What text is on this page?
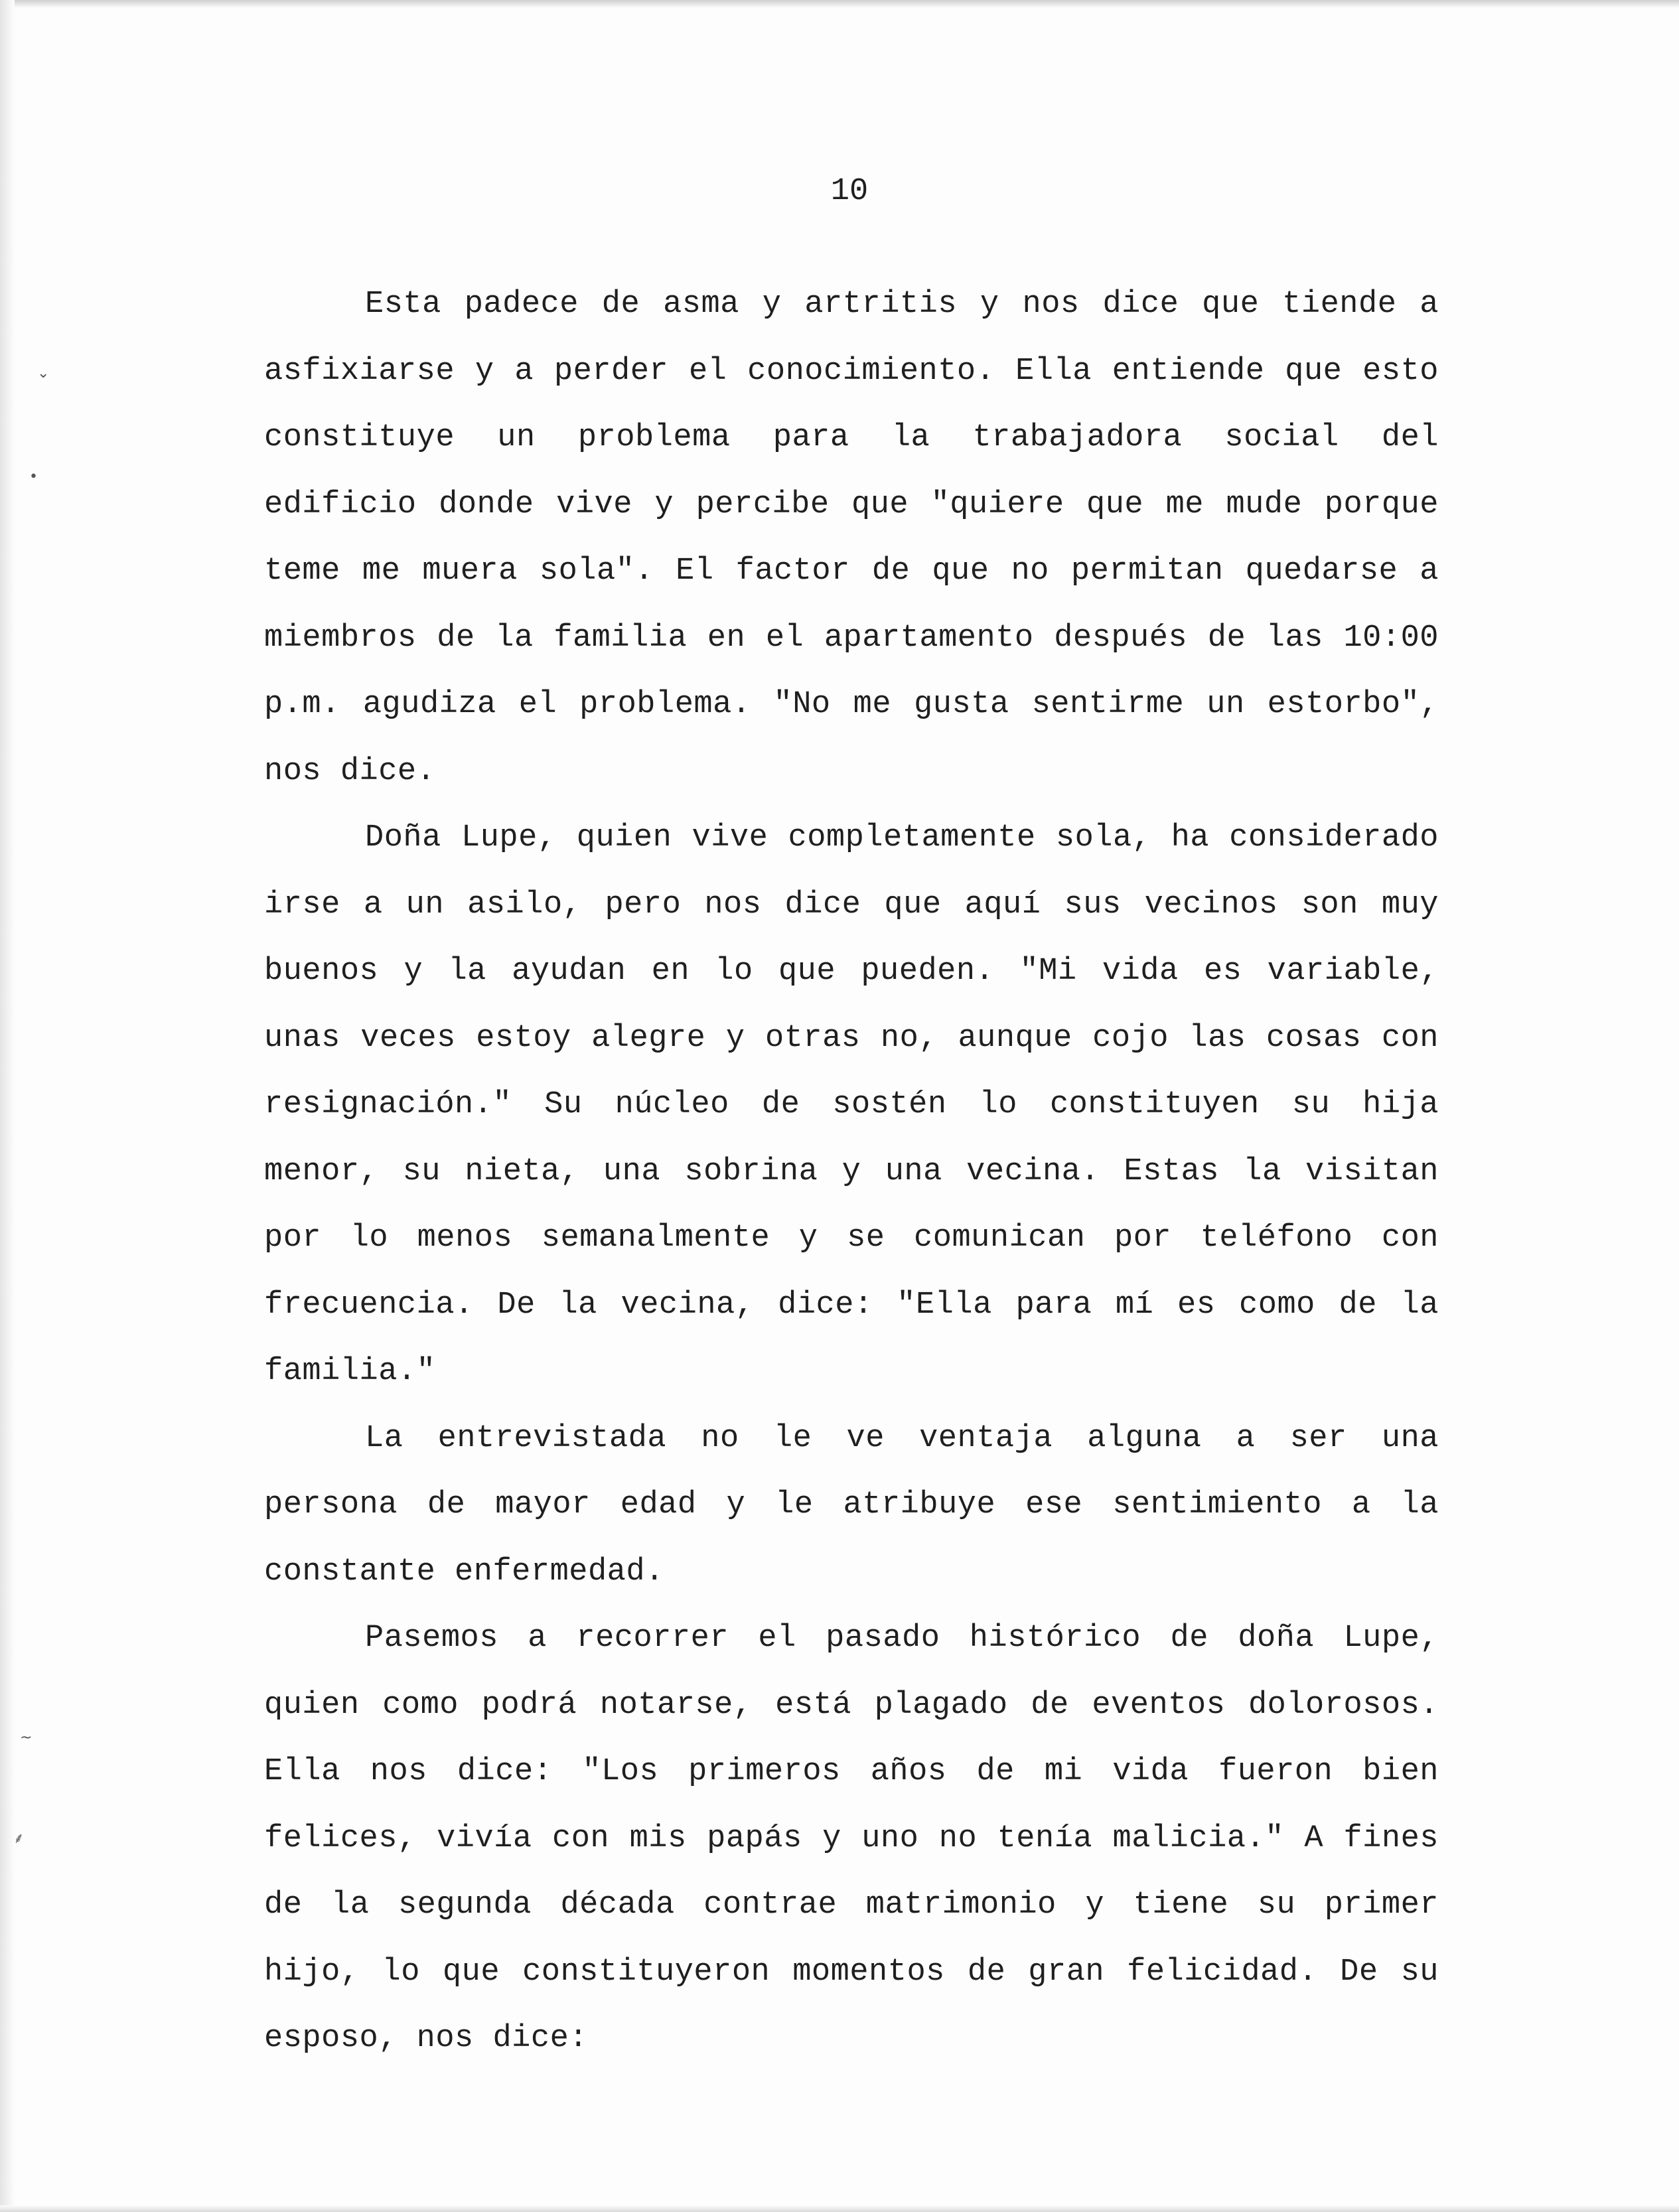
⌄
•
~
⸙

10

Esta padece de asma y artritis y nos dice que tiende a asfixiarse y a perder el conocimiento. Ella entiende que esto constituye un problema para la trabajadora social del edificio donde vive y percibe que "quiere que me mude porque teme me muera sola". El factor de que no permitan quedarse a miembros de la familia en el apartamento después de las 10:00 p.m. agudiza el problema. "No me gusta sentirme un estorbo", nos dice.

Doña Lupe, quien vive completamente sola, ha considerado irse a un asilo, pero nos dice que aquí sus vecinos son muy buenos y la ayudan en lo que pueden. "Mi vida es variable, unas veces estoy alegre y otras no, aunque cojo las cosas con resignación." Su núcleo de sostén lo constituyen su hija menor, su nieta, una sobrina y una vecina. Estas la visitan por lo menos semanalmente y se comunican por teléfono con frecuencia. De la vecina, dice: "Ella para mí es como de la familia."

La entrevistada no le ve ventaja alguna a ser una persona de mayor edad y le atribuye ese sentimiento a la constante enfermedad.

Pasemos a recorrer el pasado histórico de doña Lupe, quien como podrá notarse, está plagado de eventos dolorosos. Ella nos dice: "Los primeros años de mi vida fueron bien felices, vivía con mis papás y uno no tenía malicia." A fines de la segunda década contrae matrimonio y tiene su primer hijo, lo que constituyeron momentos de gran felicidad. De su esposo, nos dice:
